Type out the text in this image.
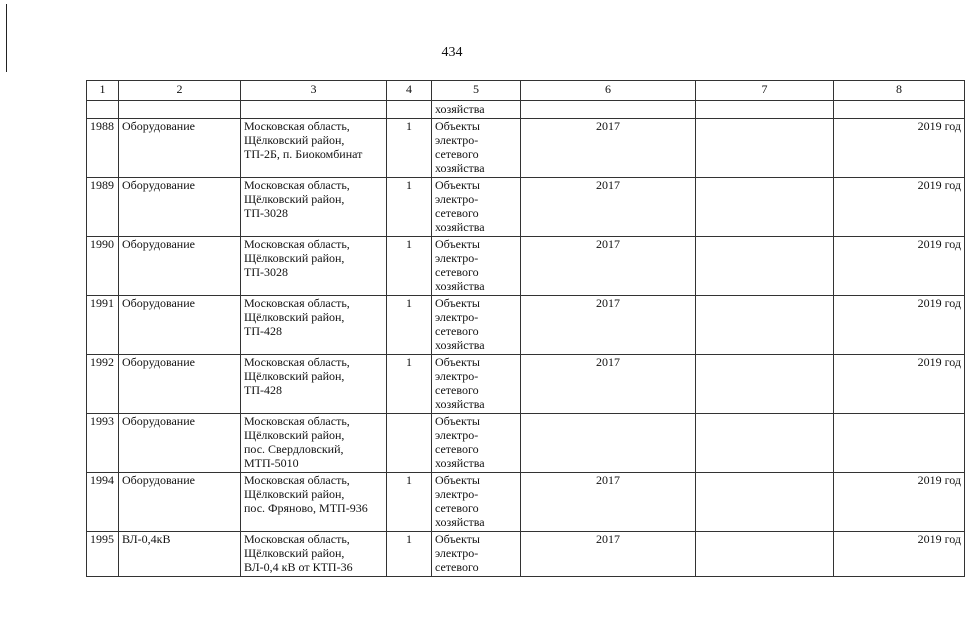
434
1	2	3	4	5	6	7	8

				хозяйства			

1988	Оборудование	Московская область,
Щёлковский район,
ТП-2Б, п. Биокомбинат	1	Объекты
электро-
сетевого
хозяйства	2017		2019 год
1989	Оборудование	Московская область,
Щёлковский район,
ТП-3028	1	Объекты
электро-
сетевого
хозяйства	2017		2019 год
1990	Оборудование	Московская область,
Щёлковский район,
ТП-3028	1	Объекты
электро-
сетевого
хозяйства	2017		2019 год
1991	Оборудование	Московская область,
Щёлковский район,
ТП-428	1	Объекты
электро-
сетевого
хозяйства	2017		2019 год
1992	Оборудование	Московская область,
Щёлковский район,
ТП-428	1	Объекты
электро-
сетевого
хозяйства	2017		2019 год
1993	Оборудование	Московская область,
Щёлковский район,
пос. Свердловский,
МТП-5010		Объекты
электро-
сетевого
хозяйства			

1994	Оборудование	Московская область,
Щёлковский район,
пос. Фряново, МТП-936	1	Объекты
электро-
сетевого
хозяйства	2017		2019 год
1995	ВЛ-0,4кВ	Московская область,
Щёлковский район,
ВЛ-0,4 кВ от КТП-36	1	Объекты
электро-
сетевого	2017		2019 год
